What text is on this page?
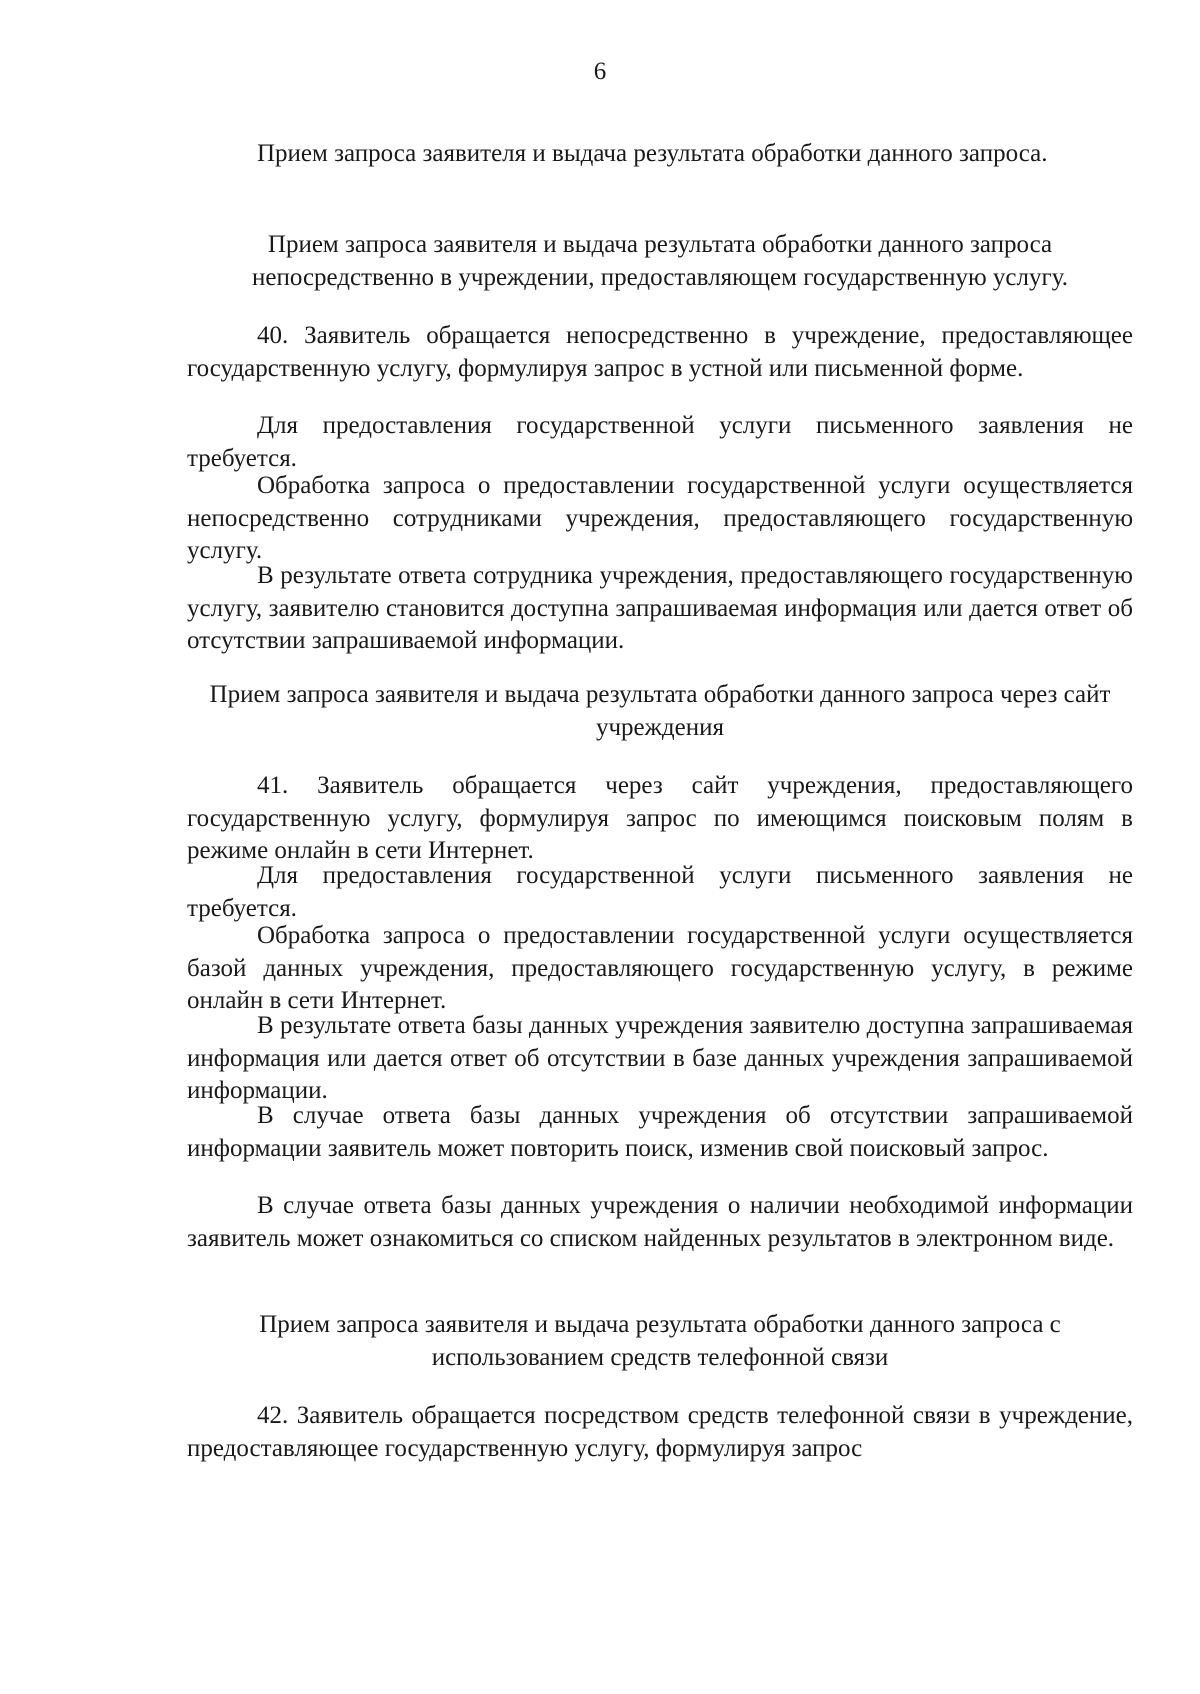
6

Прием запроса заявителя и выдача результата обработки данного запроса.

Прием запроса заявителя и выдача результата обработки данного запроса непосредственно в учреждении, предоставляющем государственную услугу.

40. Заявитель обращается непосредственно в учреждение, предоставляющее государственную услугу, формулируя запрос в устной или письменной форме.

Для предоставления государственной услуги письменного заявления не требуется.

Обработка запроса о предоставлении государственной услуги осуществляется непосредственно сотрудниками учреждения, предоставляющего государственную услугу.

В результате ответа сотрудника учреждения, предоставляющего государственную услугу, заявителю становится доступна запрашиваемая информация или дается ответ об отсутствии запрашиваемой информации.

Прием запроса заявителя и выдача результата обработки данного запроса через сайт учреждения

41. Заявитель обращается через сайт учреждения, предоставляющего государственную услугу, формулируя запрос по имеющимся поисковым полям в режиме онлайн в сети Интернет.

Для предоставления государственной услуги письменного заявления не требуется.

Обработка запроса о предоставлении государственной услуги осуществляется базой данных учреждения, предоставляющего государственную услугу, в режиме онлайн в сети Интернет.

В результате ответа базы данных учреждения заявителю доступна запрашиваемая информация или дается ответ об отсутствии в базе данных учреждения запрашиваемой информации.

В случае ответа базы данных учреждения об отсутствии запрашиваемой информации заявитель может повторить поиск, изменив свой поисковый запрос.

В случае ответа базы данных учреждения о наличии необходимой информации заявитель может ознакомиться со списком найденных результатов в электронном виде.

Прием запроса заявителя и выдача результата обработки данного запроса с использованием средств телефонной связи

42. Заявитель обращается посредством средств телефонной связи в учреждение, предоставляющее государственную услугу, формулируя запрос
